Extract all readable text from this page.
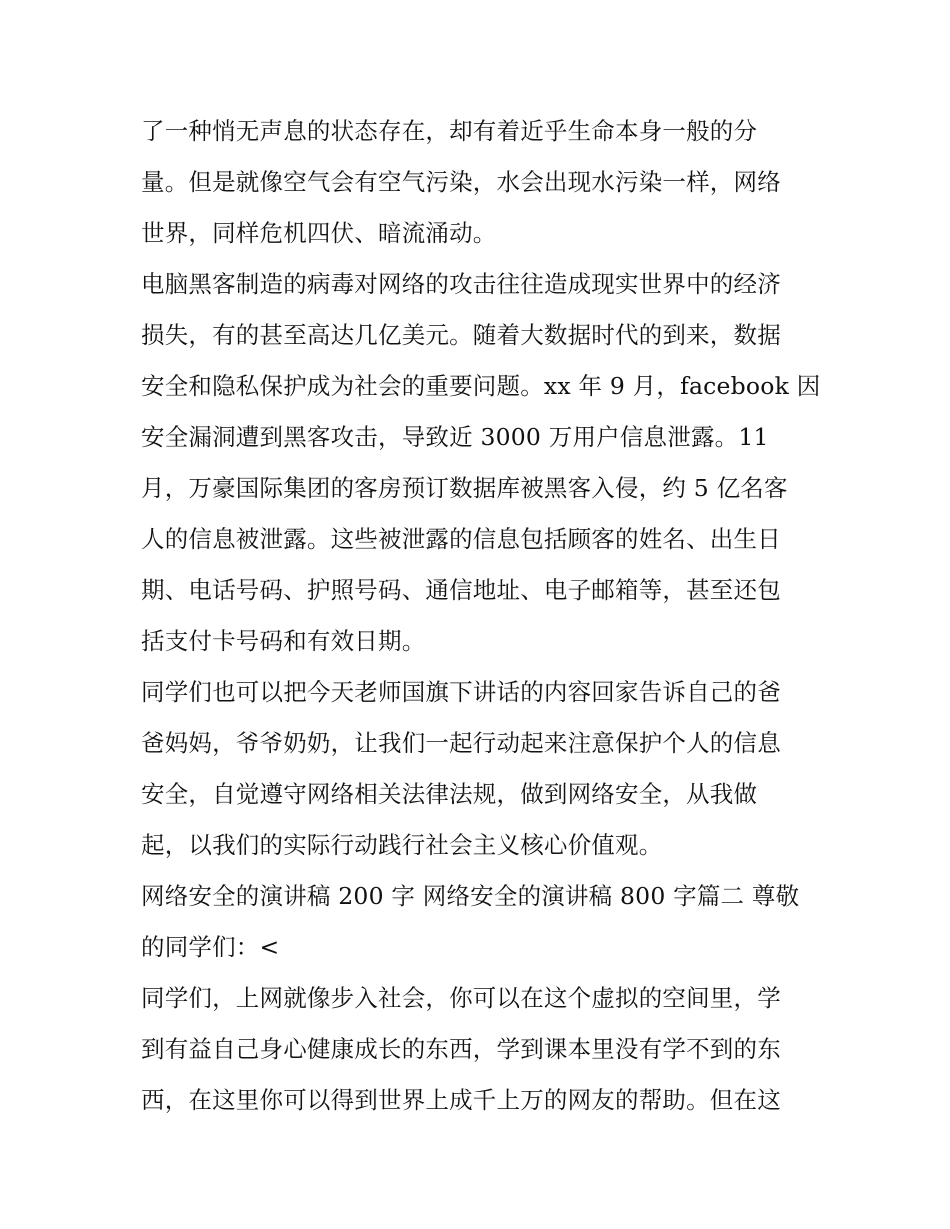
了一种悄无声息的状态存在，却有着近乎生命本身一般的分
量。但是就像空气会有空气污染，水会出现水污染一样，网络
世界，同样危机四伏、暗流涌动。
电脑黑客制造的病毒对网络的攻击往往造成现实世界中的经济
损失，有的甚至高达几亿美元。随着大数据时代的到来，数据
安全和隐私保护成为社会的重要问题。xx 年 9 月，facebook 因
安全漏洞遭到黑客攻击，导致近 3000 万用户信息泄露。11
月，万豪国际集团的客房预订数据库被黑客入侵，约 5 亿名客
人的信息被泄露。这些被泄露的信息包括顾客的姓名、出生日
期、电话号码、护照号码、通信地址、电子邮箱等，甚至还包
括支付卡号码和有效日期。
同学们也可以把今天老师国旗下讲话的内容回家告诉自己的爸
爸妈妈，爷爷奶奶，让我们一起行动起来注意保护个人的信息
安全，自觉遵守网络相关法律法规，做到网络安全，从我做
起，以我们的实际行动践行社会主义核心价值观。
网络安全的演讲稿 200 字 网络安全的演讲稿 800 字篇二 尊敬
的同学们：<
同学们，上网就像步入社会，你可以在这个虚拟的空间里，学
到有益自己身心健康成长的东西，学到课本里没有学不到的东
西，在这里你可以得到世界上成千上万的网友的帮助。但在这
